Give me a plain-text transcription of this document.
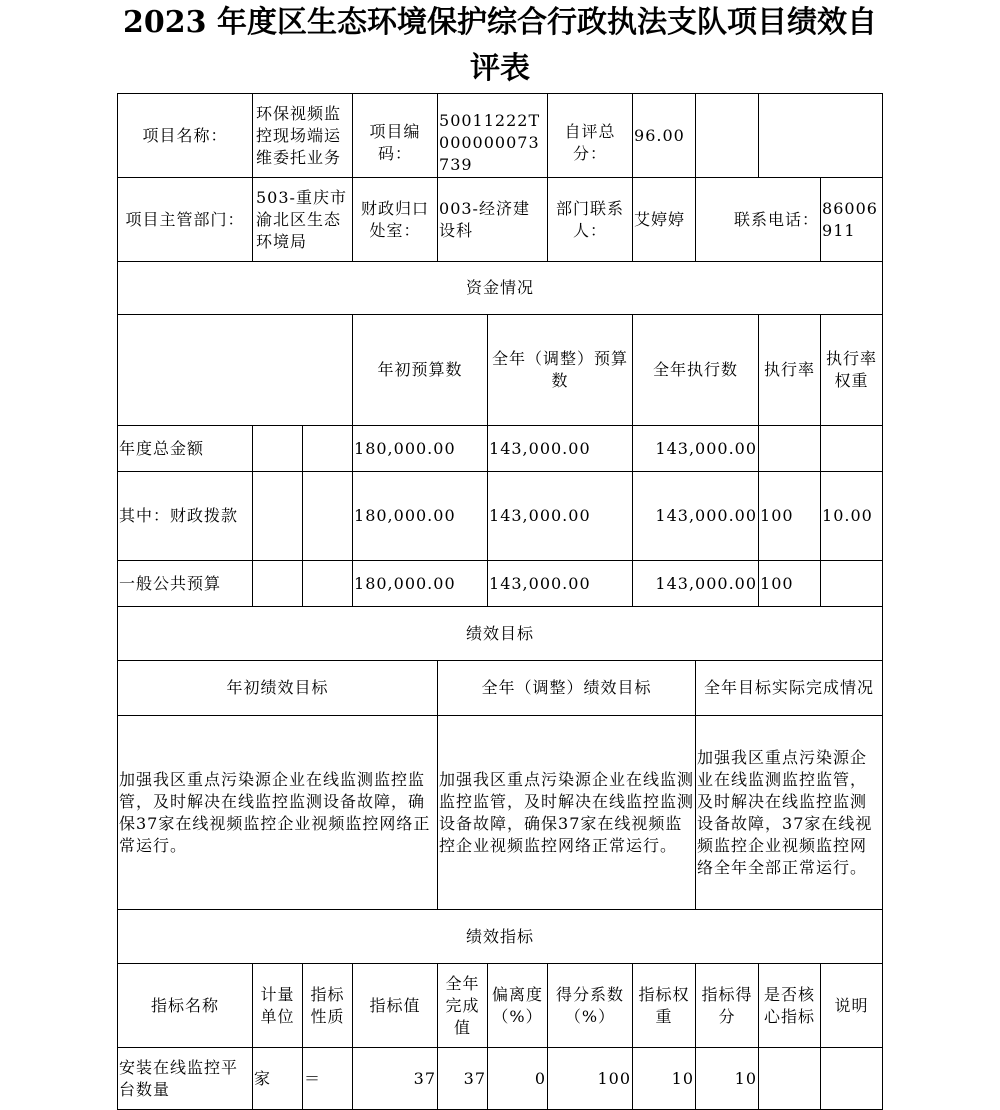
2023 年度区生态环境保护综合行政执法支队项目绩效自
评表
项目名称：	环保视频监控现场端运维委托业务		项目编码：	50011222T000000073739		自评总分：	96.00				
项目主管部门：	503-重庆市渝北区生态环境局		财政归口处室：	003-经济建设科		部门联系人：	艾婷婷	联系电话：		86006911	
资金情况											
			年初预算数		全年（调整）预算数		全年执行数		执行率	执行率权重	
年度总金额			180,000.00		143,000.00		143,000.00				
其中：财政拨款			180,000.00		143,000.00		143,000.00		100	10.00	
一般公共预算			180,000.00		143,000.00		143,000.00		100		
绩效目标											
年初绩效目标				全年（调整）绩效目标				全年目标实际完成情况			
加强我区重点污染源企业在线监测监控监管，及时解决在线监控监测设备故障，确保37家在线视频监控企业视频监控网络正常运行。				加强我区重点污染源企业在线监测监控监管，及时解决在线监控监测设备故障，确保37家在线视频监控企业视频监控网络正常运行。				加强我区重点污染源企业在线监测监控监管，及时解决在线监控监测设备故障，37家在线视频监控企业视频监控网络全年全部正常运行。			
绩效指标											
指标名称	计量单位	指标性质	指标值	全年完成值	偏离度（%）	得分系数（%）	指标权重	指标得分	是否核心指标	说明	
安装在线监控平台数量	家	＝	37	37	0	100	10	10			
